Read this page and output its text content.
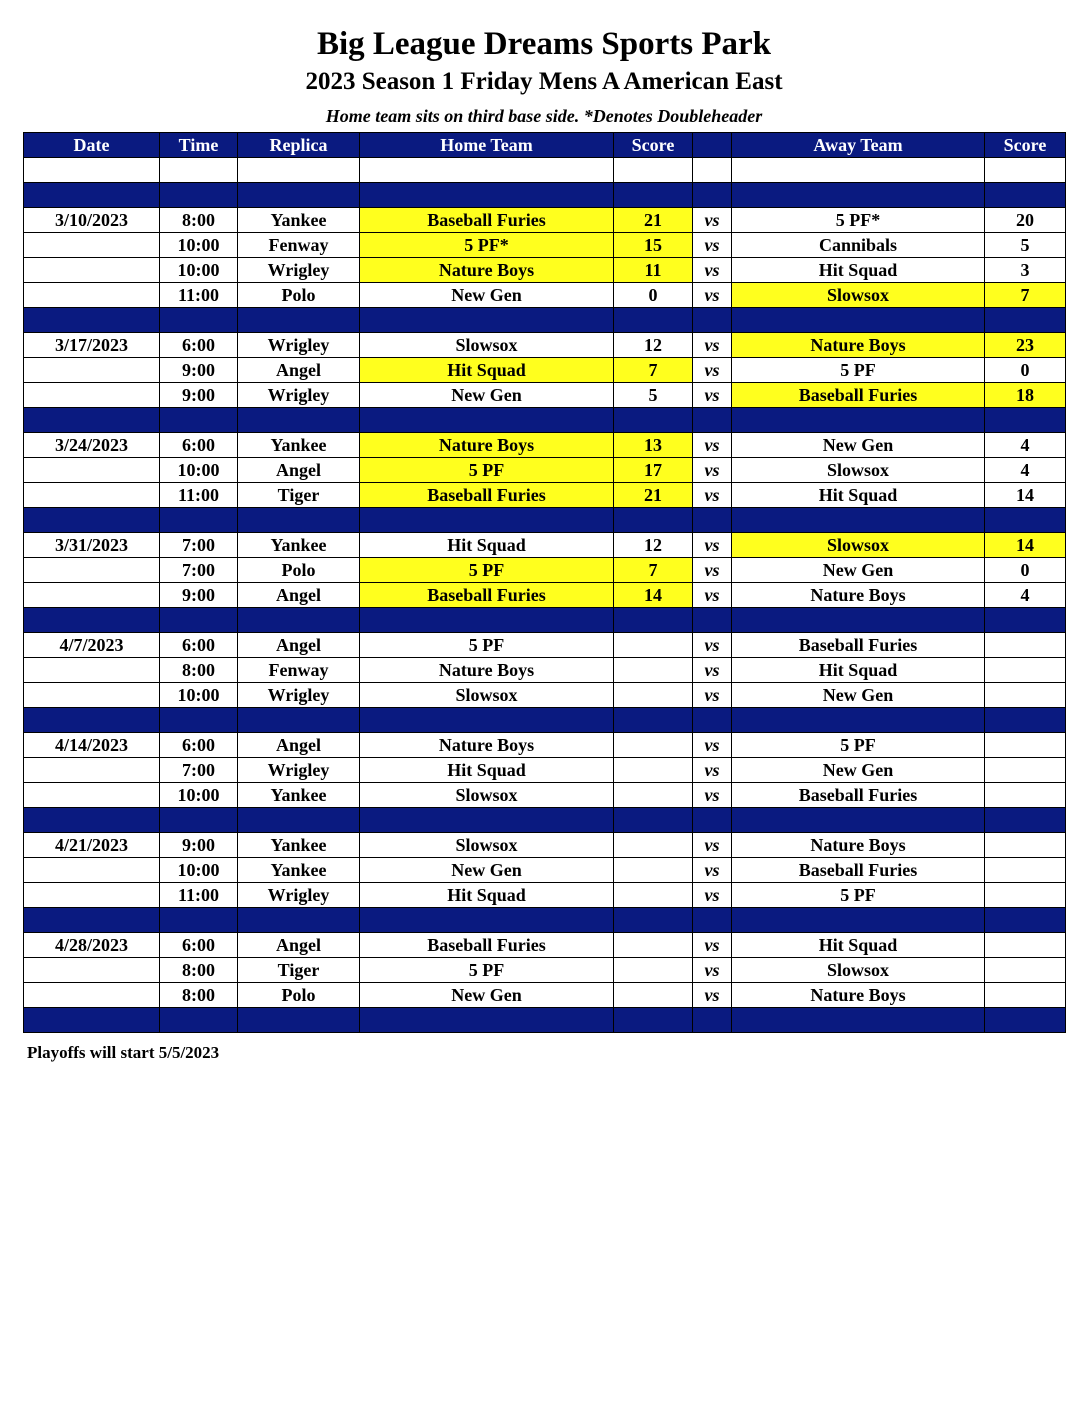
Big League Dreams Sports Park
2023 Season 1 Friday Mens A American East
Home team sits on third base side. *Denotes Doubleheader
Date	Time	Replica	Home Team	Score		Away Team	Score

3/10/2023	8:00	Yankee	Baseball Furies	21	vs	5 PF*	20
	10:00	Fenway	5 PF*	15	vs	Cannibals	5
	10:00	Wrigley	Nature Boys	11	vs	Hit Squad	3
	11:00	Polo	New Gen	0	vs	Slowsox	7

3/17/2023	6:00	Wrigley	Slowsox	12	vs	Nature Boys	23
	9:00	Angel	Hit Squad	7	vs	5 PF	0
	9:00	Wrigley	New Gen	5	vs	Baseball Furies	18

3/24/2023	6:00	Yankee	Nature Boys	13	vs	New Gen	4
	10:00	Angel	5 PF	17	vs	Slowsox	4
	11:00	Tiger	Baseball Furies	21	vs	Hit Squad	14

3/31/2023	7:00	Yankee	Hit Squad	12	vs	Slowsox	14
	7:00	Polo	5 PF	7	vs	New Gen	0
	9:00	Angel	Baseball Furies	14	vs	Nature Boys	4

4/7/2023	6:00	Angel	5 PF		vs	Baseball Furies	
	8:00	Fenway	Nature Boys		vs	Hit Squad	
	10:00	Wrigley	Slowsox		vs	New Gen	

4/14/2023	6:00	Angel	Nature Boys		vs	5 PF	
	7:00	Wrigley	Hit Squad		vs	New Gen	
	10:00	Yankee	Slowsox		vs	Baseball Furies	

4/21/2023	9:00	Yankee	Slowsox		vs	Nature Boys	
	10:00	Yankee	New Gen		vs	Baseball Furies	
	11:00	Wrigley	Hit Squad		vs	5 PF	

4/28/2023	6:00	Angel	Baseball Furies		vs	Hit Squad	
	8:00	Tiger	5 PF		vs	Slowsox	
	8:00	Polo	New Gen		vs	Nature Boys	

Playoffs will start 5/5/2023
